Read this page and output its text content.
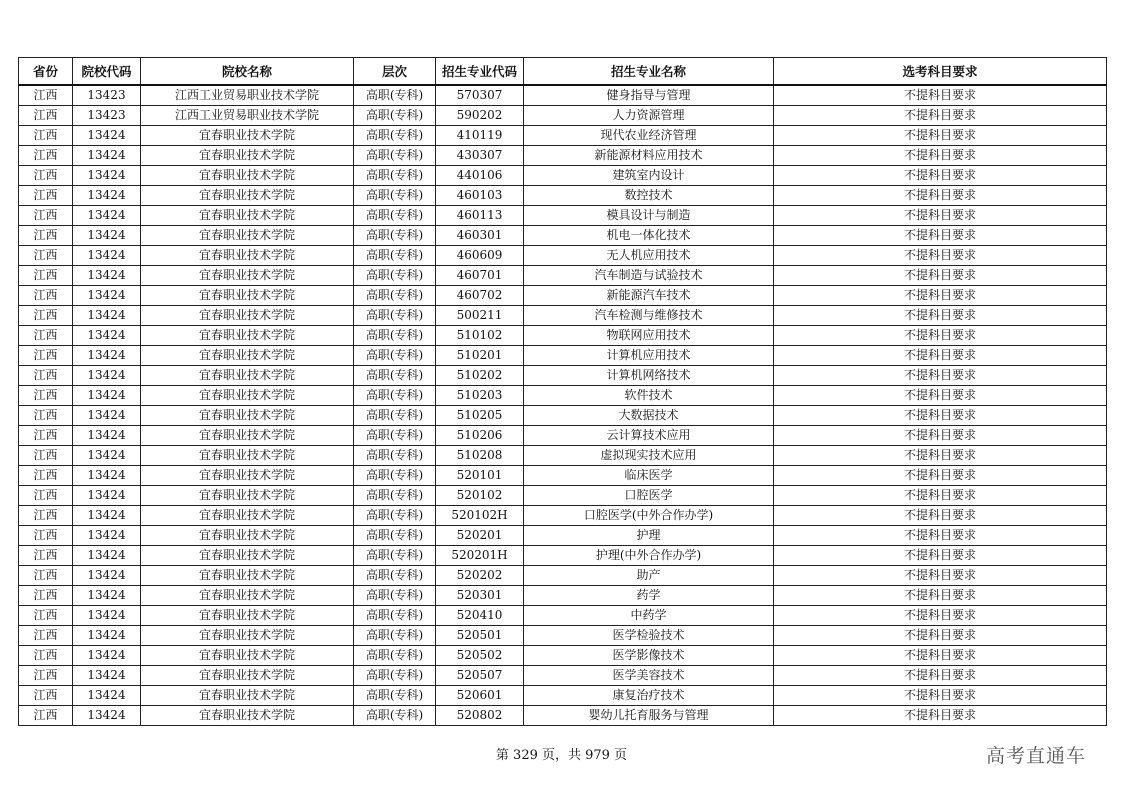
省份	院校代码	院校名称	层次	招生专业代码	招生专业名称	选考科目要求
江西	13423	江西工业贸易职业技术学院	高职(专科)	570307	健身指导与管理	不提科目要求
江西	13423	江西工业贸易职业技术学院	高职(专科)	590202	人力资源管理	不提科目要求
江西	13424	宜春职业技术学院	高职(专科)	410119	现代农业经济管理	不提科目要求
江西	13424	宜春职业技术学院	高职(专科)	430307	新能源材料应用技术	不提科目要求
江西	13424	宜春职业技术学院	高职(专科)	440106	建筑室内设计	不提科目要求
江西	13424	宜春职业技术学院	高职(专科)	460103	数控技术	不提科目要求
江西	13424	宜春职业技术学院	高职(专科)	460113	模具设计与制造	不提科目要求
江西	13424	宜春职业技术学院	高职(专科)	460301	机电一体化技术	不提科目要求
江西	13424	宜春职业技术学院	高职(专科)	460609	无人机应用技术	不提科目要求
江西	13424	宜春职业技术学院	高职(专科)	460701	汽车制造与试验技术	不提科目要求
江西	13424	宜春职业技术学院	高职(专科)	460702	新能源汽车技术	不提科目要求
江西	13424	宜春职业技术学院	高职(专科)	500211	汽车检测与维修技术	不提科目要求
江西	13424	宜春职业技术学院	高职(专科)	510102	物联网应用技术	不提科目要求
江西	13424	宜春职业技术学院	高职(专科)	510201	计算机应用技术	不提科目要求
江西	13424	宜春职业技术学院	高职(专科)	510202	计算机网络技术	不提科目要求
江西	13424	宜春职业技术学院	高职(专科)	510203	软件技术	不提科目要求
江西	13424	宜春职业技术学院	高职(专科)	510205	大数据技术	不提科目要求
江西	13424	宜春职业技术学院	高职(专科)	510206	云计算技术应用	不提科目要求
江西	13424	宜春职业技术学院	高职(专科)	510208	虚拟现实技术应用	不提科目要求
江西	13424	宜春职业技术学院	高职(专科)	520101	临床医学	不提科目要求
江西	13424	宜春职业技术学院	高职(专科)	520102	口腔医学	不提科目要求
江西	13424	宜春职业技术学院	高职(专科)	520102H	口腔医学(中外合作办学)	不提科目要求
江西	13424	宜春职业技术学院	高职(专科)	520201	护理	不提科目要求
江西	13424	宜春职业技术学院	高职(专科)	520201H	护理(中外合作办学)	不提科目要求
江西	13424	宜春职业技术学院	高职(专科)	520202	助产	不提科目要求
江西	13424	宜春职业技术学院	高职(专科)	520301	药学	不提科目要求
江西	13424	宜春职业技术学院	高职(专科)	520410	中药学	不提科目要求
江西	13424	宜春职业技术学院	高职(专科)	520501	医学检验技术	不提科目要求
江西	13424	宜春职业技术学院	高职(专科)	520502	医学影像技术	不提科目要求
江西	13424	宜春职业技术学院	高职(专科)	520507	医学美容技术	不提科目要求
江西	13424	宜春职业技术学院	高职(专科)	520601	康复治疗技术	不提科目要求
江西	13424	宜春职业技术学院	高职(专科)	520802	婴幼儿托育服务与管理	不提科目要求
第 329 页，共 979 页	高考直通车
